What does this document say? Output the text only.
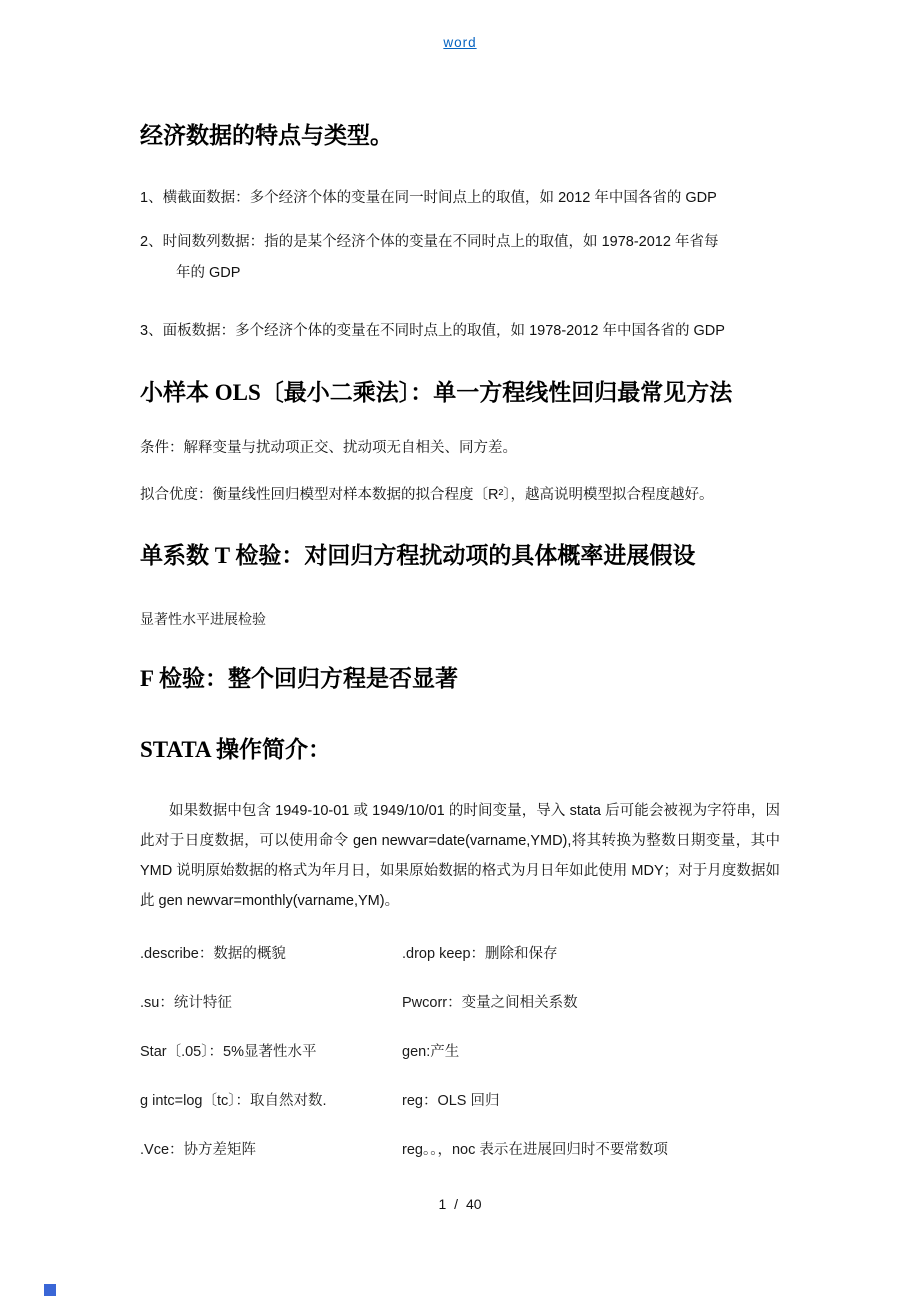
word
经济数据的特点与类型。
1、横截面数据：多个经济个体的变量在同一时间点上的取值，如 2012 年中国各省的 GDP
2、时间数列数据：指的是某个经济个体的变量在不同时点上的取值，如 1978-2012 年省每
年的 GDP
3、面板数据：多个经济个体的变量在不同时点上的取值，如 1978-2012 年中国各省的 GDP
小样本 OLS〔最小二乘法〕：单一方程线性回归最常见方法
条件：解释变量与扰动项正交、扰动项无自相关、同方差。
拟合优度：衡量线性回归模型对样本数据的拟合程度〔R²〕，越高说明模型拟合程度越好。
单系数 T 检验：对回归方程扰动项的具体概率进展假设
显著性水平进展检验
F 检验：整个回归方程是否显著
STATA 操作简介：
如果数据中包含 1949-10-01 或 1949/10/01 的时间变量，导入 stata 后可能会被视为字符串，因此对于日度数据，可以使用命令 gen newvar=date(varname,YMD),将其转换为整数日期变量，其中 YMD 说明原始数据的格式为年月日，如果原始数据的格式为月日年如此使用 MDY；对于月度数据如此 gen newvar=monthly(varname,YM)。
.describe：数据的概貌	.drop keep：删除和保存
.su：统计特征	Pwcorr：变量之间相关系数
Star〔.05〕：5%显著性水平	gen:产生
g intc=log〔tc〕：取自然对数.	reg：OLS 回归
.Vce：协方差矩阵	reg。。，noc 表示在进展回归时不要常数项
1 / 40
